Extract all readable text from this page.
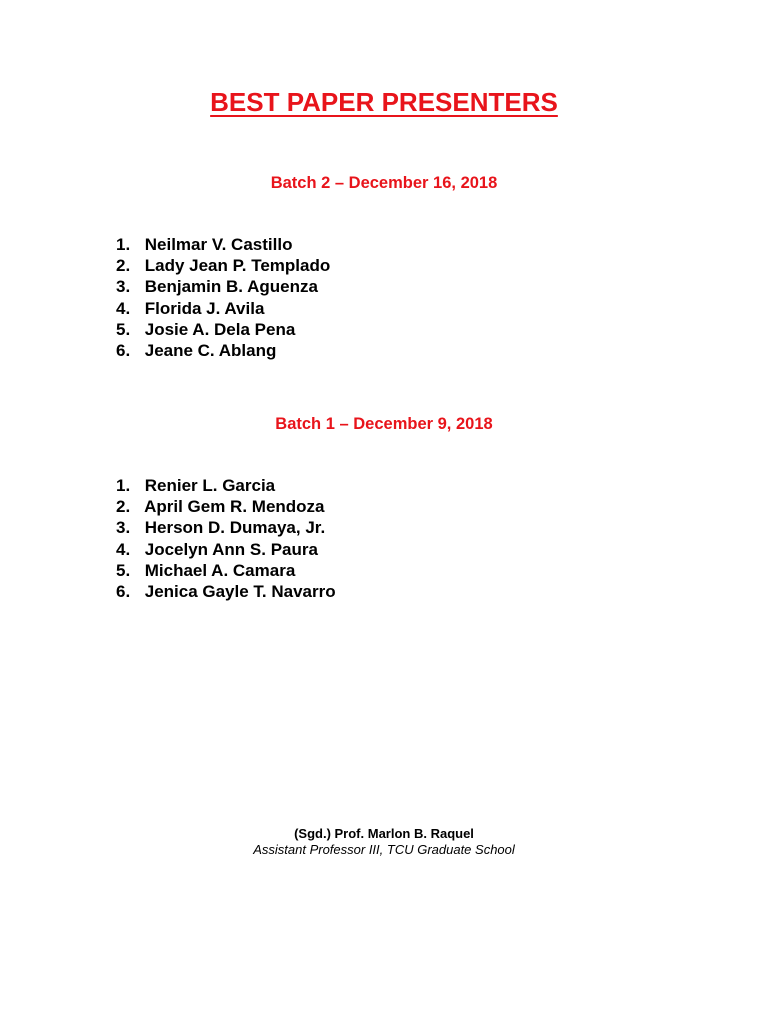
BEST PAPER PRESENTERS
Batch 2 – December 16, 2018
1. Neilmar V. Castillo
2. Lady Jean P. Templado
3. Benjamin B. Aguenza
4. Florida J. Avila
5. Josie A. Dela Pena
6. Jeane C. Ablang
Batch 1 – December 9, 2018
1. Renier L. Garcia
2. April Gem R. Mendoza
3. Herson D. Dumaya, Jr.
4. Jocelyn Ann S. Paura
5. Michael A. Camara
6. Jenica Gayle T. Navarro
(Sgd.) Prof. Marlon B. Raquel
Assistant Professor III, TCU Graduate School
